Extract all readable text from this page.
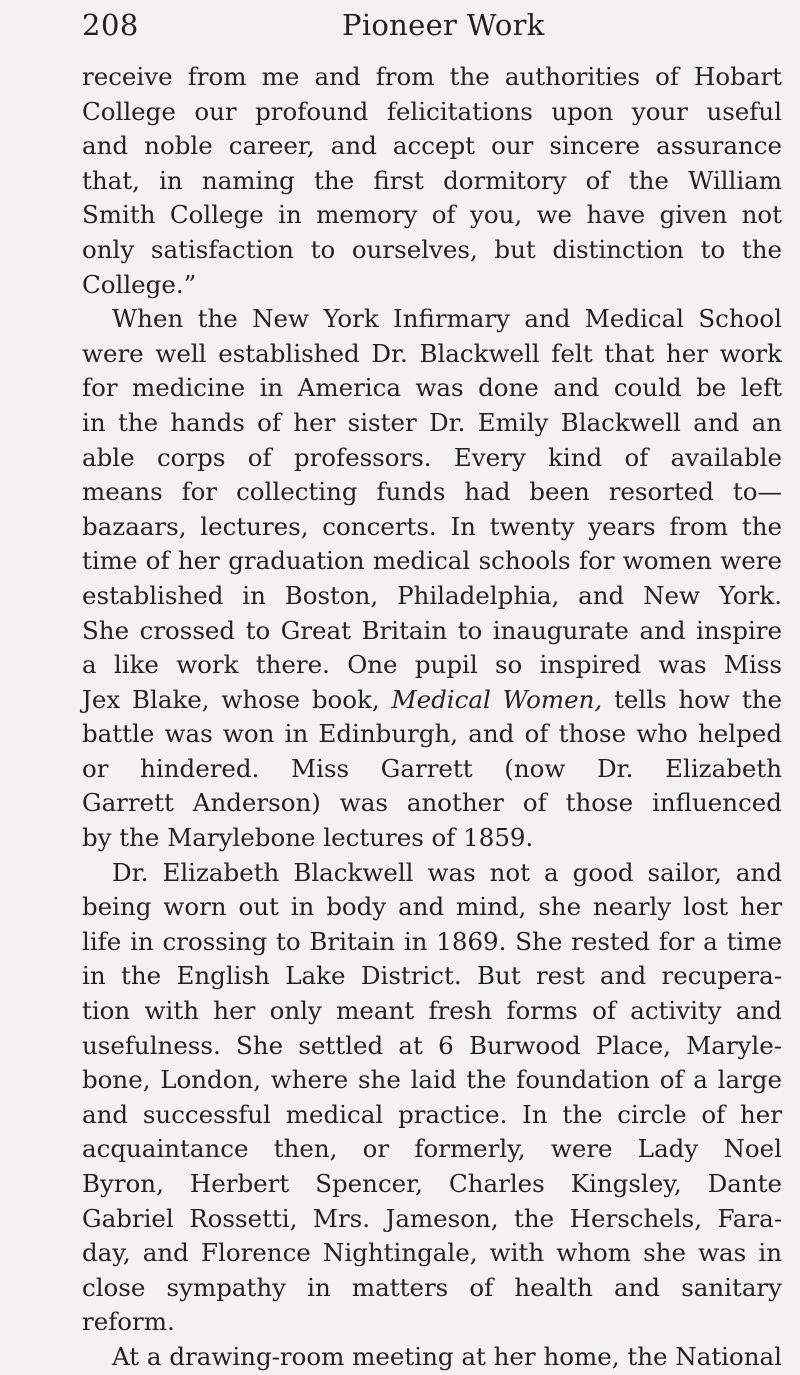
208	Pioneer Work
receive from me and from the authorities of Hobart
College our profound felicitations upon your useful
and noble career, and accept our sincere assurance
that, in naming the first dormitory of the William
Smith College in memory of you, we have given not
only satisfaction to ourselves, but distinction to the
College.”
When the New York Infirmary and Medical School
were well established Dr. Blackwell felt that her work
for medicine in America was done and could be left
in the hands of her sister Dr. Emily Blackwell and an
able corps of professors. Every kind of available
means for collecting funds had been resorted to—
bazaars, lectures, concerts. In twenty years from the
time of her graduation medical schools for women were
established in Boston, Philadelphia, and New York.
She crossed to Great Britain to inaugurate and inspire
a like work there. One pupil so inspired was Miss
Jex Blake, whose book, Medical Women, tells how the
battle was won in Edinburgh, and of those who helped
or hindered. Miss Garrett (now Dr. Elizabeth
Garrett Anderson) was another of those influenced
by the Marylebone lectures of 1859.
Dr. Elizabeth Blackwell was not a good sailor, and
being worn out in body and mind, she nearly lost her
life in crossing to Britain in 1869. She rested for a time
in the English Lake District. But rest and recupera-
tion with her only meant fresh forms of activity and
usefulness. She settled at 6 Burwood Place, Maryle-
bone, London, where she laid the foundation of a large
and successful medical practice. In the circle of her
acquaintance then, or formerly, were Lady Noel
Byron, Herbert Spencer, Charles Kingsley, Dante
Gabriel Rossetti, Mrs. Jameson, the Herschels, Fara-
day, and Florence Nightingale, with whom she was in
close sympathy in matters of health and sanitary
reform.
At a drawing-room meeting at her home, the National
